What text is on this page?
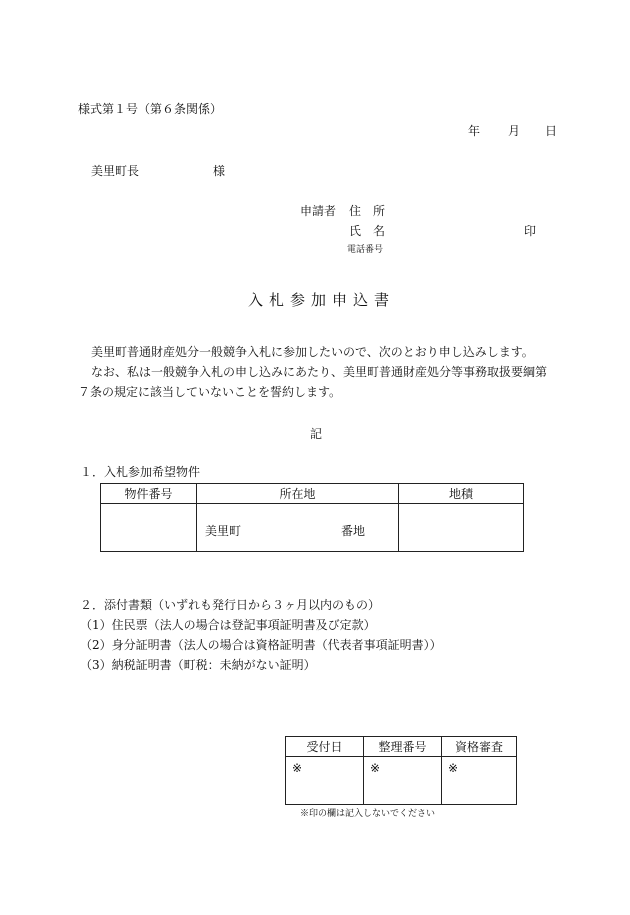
様式第１号（第６条関係）
年 月 日
美里町長	様
申請者 住　所
氏　名	印
電話番号
入札参加申込書
美里町普通財産処分一般競争入札に参加したいので、次のとおり申し込みします。
なお、私は一般競争入札の申し込みにあたり、美里町普通財産処分等事務取扱要綱第
７条の規定に該当していないことを誓約します。
記
１．入札参加希望物件
物件番号	所在地	地積

	美里町 番地	

２．添付書類（いずれも発行日から３ヶ月以内のもの）
（1）住民票（法人の場合は登記事項証明書及び定款）
（2）身分証明書（法人の場合は資格証明書（代表者事項証明書））
（3）納税証明書（町税：未納がない証明）
受付日	整理番号	資格審査
※	※	※
※印の欄は記入しないでください
